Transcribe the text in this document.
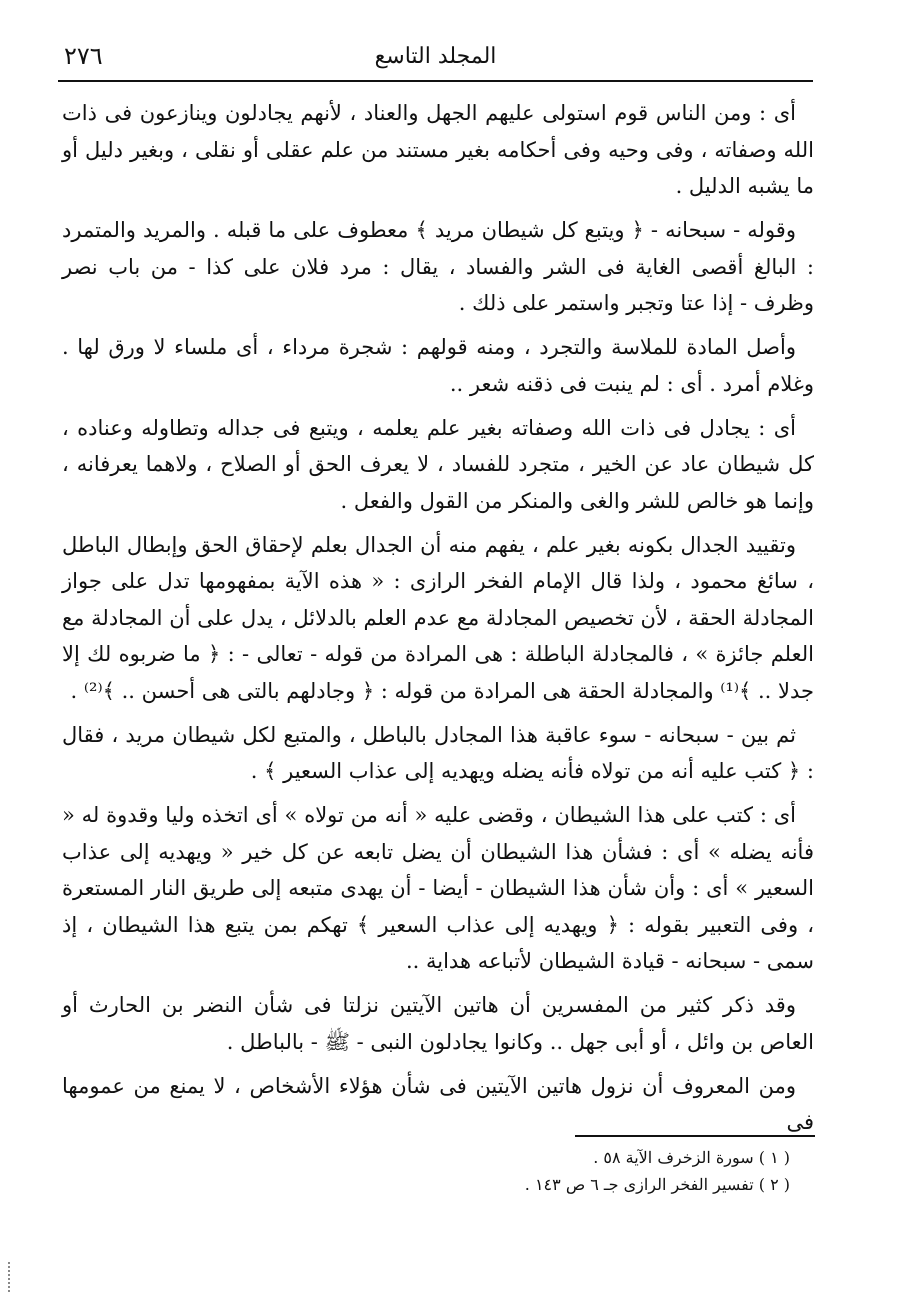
٢٧٦	المجلد التاسع

أى : ومن الناس قوم استولى عليهم الجهل والعناد ، لأنهم يجادلون وينازعون فى ذات الله وصفاته ، وفى وحيه وفى أحكامه بغير مستند من علم عقلى أو نقلى ، وبغير دليل أو ما يشبه الدليل .

وقوله - سبحانه - ﴿ ويتبع كل شيطان مريد ﴾ معطوف على ما قبله . والمريد والمتمرد : البالغ أقصى الغاية فى الشر والفساد ، يقال : مرد فلان على كذا - من باب نصر وظرف - إذا عتا وتجبر واستمر على ذلك .

وأصل المادة للملاسة والتجرد ، ومنه قولهم : شجرة مرداء ، أى ملساء لا ورق لها . وغلام أمرد . أى : لم ينبت فى ذقنه شعر ..

أى : يجادل فى ذات الله وصفاته بغير علم يعلمه ، ويتبع فى جداله وتطاوله وعناده ، كل شيطان عاد عن الخير ، متجرد للفساد ، لا يعرف الحق أو الصلاح ، ولاهما يعرفانه ، وإنما هو خالص للشر والغى والمنكر من القول والفعل .

وتقييد الجدال بكونه بغير علم ، يفهم منه أن الجدال بعلم لإحقاق الحق وإبطال الباطل ، سائغ محمود ، ولذا قال الإمام الفخر الرازى : « هذه الآية بمفهومها تدل على جواز المجادلة الحقة ، لأن تخصيص المجادلة مع عدم العلم بالدلائل ، يدل على أن المجادلة مع العلم جائزة » ، فالمجادلة الباطلة : هى المرادة من قوله - تعالى - : ﴿ ما ضربوه لك إلا جدلا .. ﴾⁽¹⁾ والمجادلة الحقة هى المرادة من قوله : ﴿ وجادلهم بالتى هى أحسن .. ﴾⁽²⁾ .

ثم بين - سبحانه - سوء عاقبة هذا المجادل بالباطل ، والمتبع لكل شيطان مريد ، فقال : ﴿ كتب عليه أنه من تولاه فأنه يضله ويهديه إلى عذاب السعير ﴾ .

أى : كتب على هذا الشيطان ، وقضى عليه « أنه من تولاه » أى اتخذه وليا وقدوة له « فأنه يضله » أى : فشأن هذا الشيطان أن يضل تابعه عن كل خير « ويهديه إلى عذاب السعير » أى : وأن شأن هذا الشيطان - أيضا - أن يهدى متبعه إلى طريق النار المستعرة ، وفى التعبير بقوله : ﴿ ويهديه إلى عذاب السعير ﴾ تهكم بمن يتبع هذا الشيطان ، إذ سمى - سبحانه - قيادة الشيطان لأتباعه هداية ..

وقد ذكر كثير من المفسرين أن هاتين الآيتين نزلتا فى شأن النضر بن الحارث أو العاص بن وائل ، أو أبى جهل .. وكانوا يجادلون النبى - ﷺ - بالباطل .

ومن المعروف أن نزول هاتين الآيتين فى شأن هؤلاء الأشخاص ، لا يمنع من عمومها فى

( ١ ) سورة الزخرف الآية ٥٨ .
( ٢ ) تفسير الفخر الرازى جـ ٦ ص ١٤٣ .
